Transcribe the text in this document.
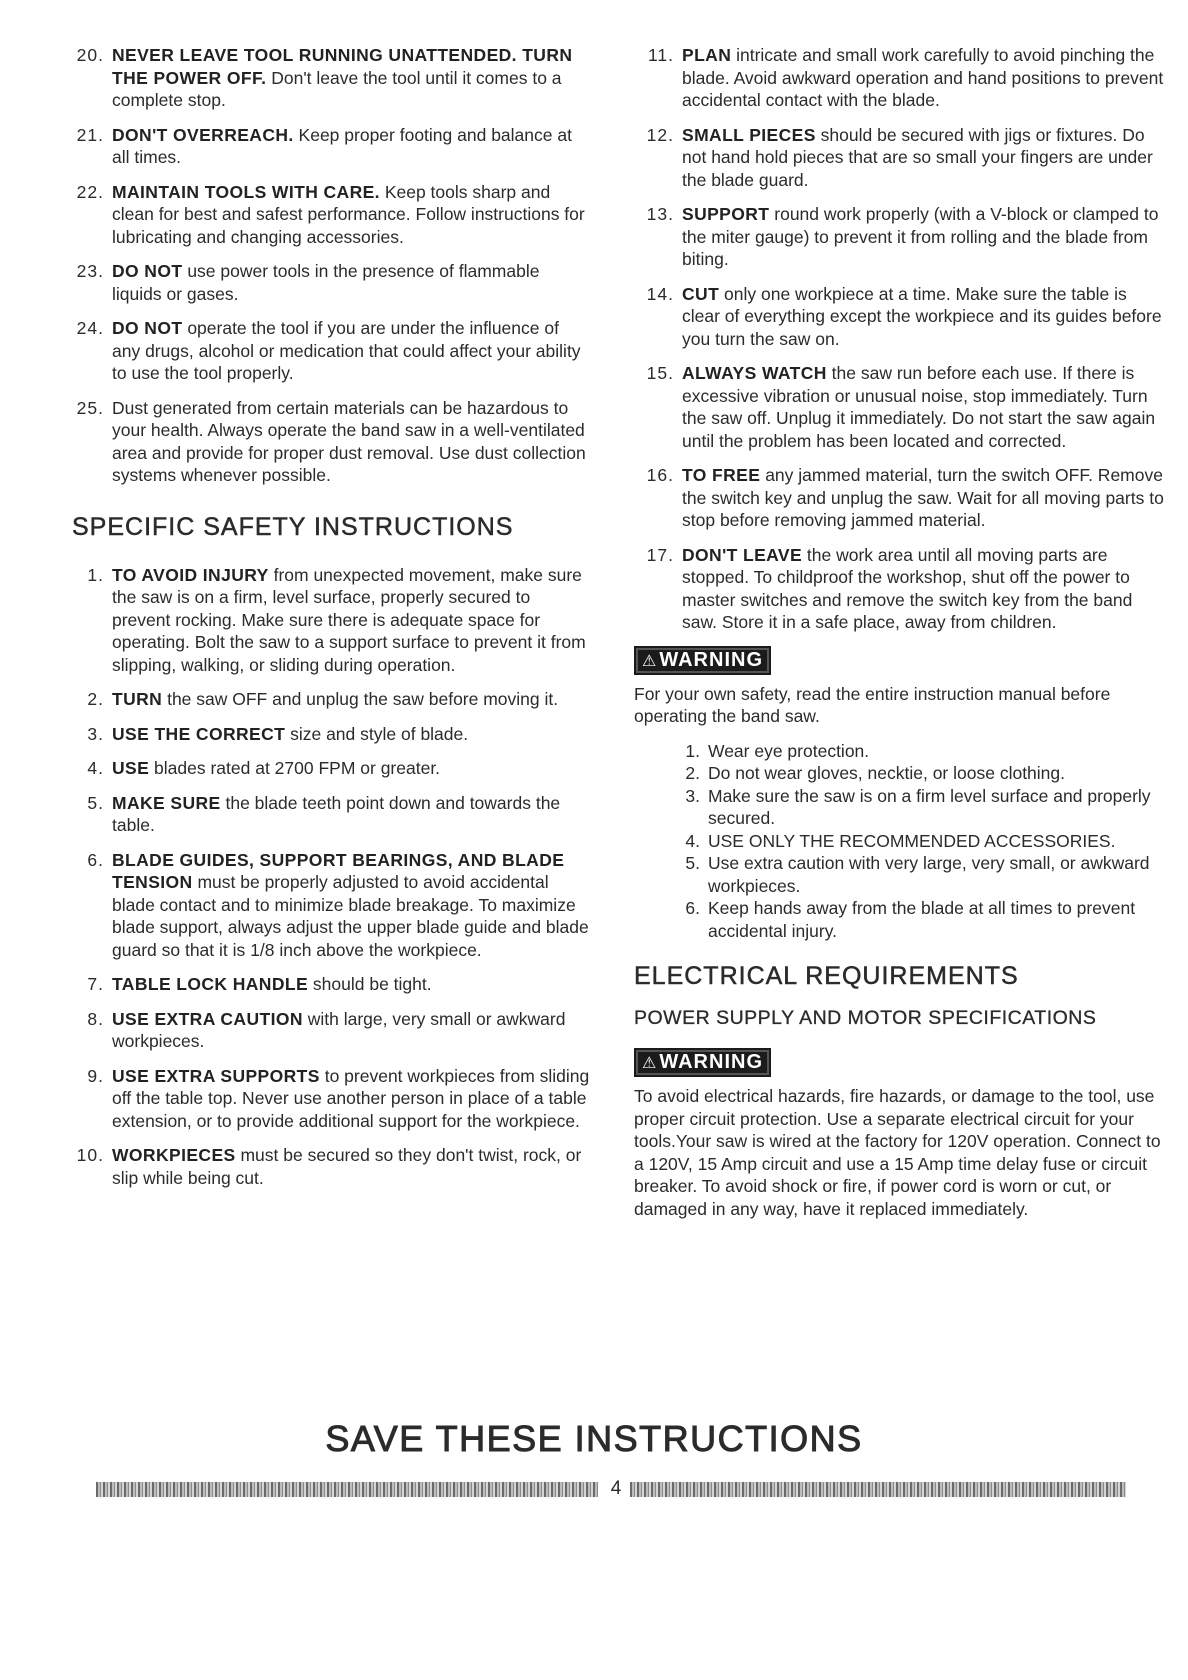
20. NEVER LEAVE TOOL RUNNING UNATTENDED. TURN THE POWER OFF. Don't leave the tool until it comes to a complete stop.
21. DON'T OVERREACH. Keep proper footing and balance at all times.
22. MAINTAIN TOOLS WITH CARE. Keep tools sharp and clean for best and safest performance. Follow instructions for lubricating and changing accessories.
23. DO NOT use power tools in the presence of flammable liquids or gases.
24. DO NOT operate the tool if you are under the influence of any drugs, alcohol or medication that could affect your ability to use the tool properly.
25. Dust generated from certain materials can be hazardous to your health. Always operate the band saw in a well-ventilated area and provide for proper dust removal. Use dust collection systems whenever possible.
SPECIFIC SAFETY INSTRUCTIONS
1. TO AVOID INJURY from unexpected movement, make sure the saw is on a firm, level surface, properly secured to prevent rocking. Make sure there is adequate space for operating. Bolt the saw to a support surface to prevent it from slipping, walking, or sliding during operation.
2. TURN the saw OFF and unplug the saw before moving it.
3. USE THE CORRECT size and style of blade.
4. USE blades rated at 2700 FPM or greater.
5. MAKE SURE the blade teeth point down and towards the table.
6. BLADE GUIDES, SUPPORT BEARINGS, AND BLADE TENSION must be properly adjusted to avoid accidental blade contact and to minimize blade breakage. To maximize blade support, always adjust the upper blade guide and blade guard so that it is 1/8 inch above the workpiece.
7. TABLE LOCK HANDLE should be tight.
8. USE EXTRA CAUTION with large, very small or awkward workpieces.
9. USE EXTRA SUPPORTS to prevent workpieces from sliding off the table top. Never use another person in place of a table extension, or to provide additional support for the workpiece.
10. WORKPIECES must be secured so they don't twist, rock, or slip while being cut.
11. PLAN intricate and small work carefully to avoid pinching the blade. Avoid awkward operation and hand positions to prevent accidental contact with the blade.
12. SMALL PIECES should be secured with jigs or fixtures. Do not hand hold pieces that are so small your fingers are under the blade guard.
13. SUPPORT round work properly (with a V-block or clamped to the miter gauge) to prevent it from rolling and the blade from biting.
14. CUT only one workpiece at a time. Make sure the table is clear of everything except the workpiece and its guides before you turn the saw on.
15. ALWAYS WATCH the saw run before each use. If there is excessive vibration or unusual noise, stop immediately. Turn the saw off. Unplug it immediately. Do not start the saw again until the problem has been located and corrected.
16. TO FREE any jammed material, turn the switch OFF. Remove the switch key and unplug the saw. Wait for all moving parts to stop before removing jammed material.
17. DON'T LEAVE the work area until all moving parts are stopped. To childproof the workshop, shut off the power to master switches and remove the switch key from the band saw. Store it in a safe place, away from children.
⚠ WARNING
For your own safety, read the entire instruction manual before operating the band saw.
1. Wear eye protection.
2. Do not wear gloves, necktie, or loose clothing.
3. Make sure the saw is on a firm level surface and properly secured.
4. USE ONLY THE RECOMMENDED ACCESSORIES.
5. Use extra caution with very large, very small, or awkward workpieces.
6. Keep hands away from the blade at all times to prevent accidental injury.
ELECTRICAL REQUIREMENTS
POWER SUPPLY AND MOTOR SPECIFICATIONS
⚠ WARNING
To avoid electrical hazards, fire hazards, or damage to the tool, use proper circuit protection. Use a separate electrical circuit for your tools.Your saw is wired at the factory for 120V operation. Connect to a 120V, 15 Amp circuit and use a 15 Amp time delay fuse or circuit breaker. To avoid shock or fire, if power cord is worn or cut, or damaged in any way, have it replaced immediately.
SAVE THESE INSTRUCTIONS
4
